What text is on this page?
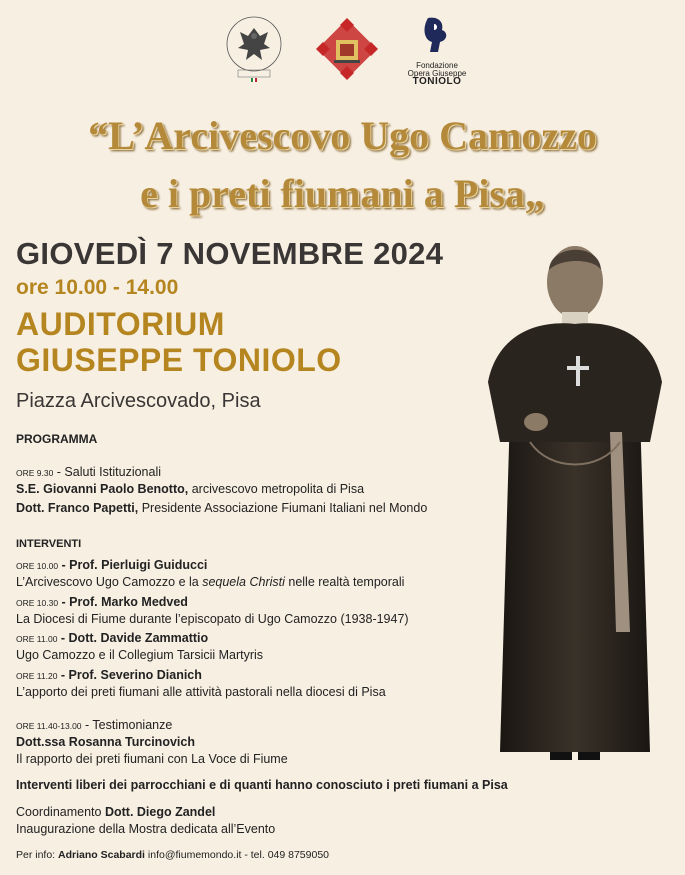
Fondazione
Opera Giuseppe
TONIOLO
“L’Arcivescovo Ugo Camozzo
e i preti fiumani a Pisa„
GIOVEDÌ 7 NOVEMBRE 2024
ore 10.00 - 14.00
AUDITORIUM
GIUSEPPE TONIOLO
Piazza Arcivescovado, Pisa
PROGRAMMA
ORE 9.30 - Saluti Istituzionali
S.E. Giovanni Paolo Benotto, arcivescovo metropolita di Pisa
Dott. Franco Papetti, Presidente Associazione Fiumani Italiani nel Mondo
INTERVENTI
ORE 10.00 - Prof. Pierluigi Guiducci
L’Arcivescovo Ugo Camozzo e la sequela Christi nelle realtà temporali
ORE 10.30 - Prof. Marko Medved
La Diocesi di Fiume durante l’episcopato di Ugo Camozzo (1938-1947)
ORE 11.00 - Dott. Davide Zammattio
Ugo Camozzo e il Collegium Tarsicii Martyris
ORE 11.20 - Prof. Severino Dianich
L’apporto dei preti fiumani alle attività pastorali nella diocesi di Pisa
ORE 11.40-13.00 - Testimonianze
Dott.ssa Rosanna Turcinovich
Il rapporto dei preti fiumani con La Voce di Fiume
Interventi liberi dei parrocchiani e di quanti hanno conosciuto i preti fiumani a Pisa
Coordinamento Dott. Diego Zandel
Inaugurazione della Mostra dedicata all’Evento
Per info: Adriano Scabardi info@fiumemondo.it - tel. 049 8759050
